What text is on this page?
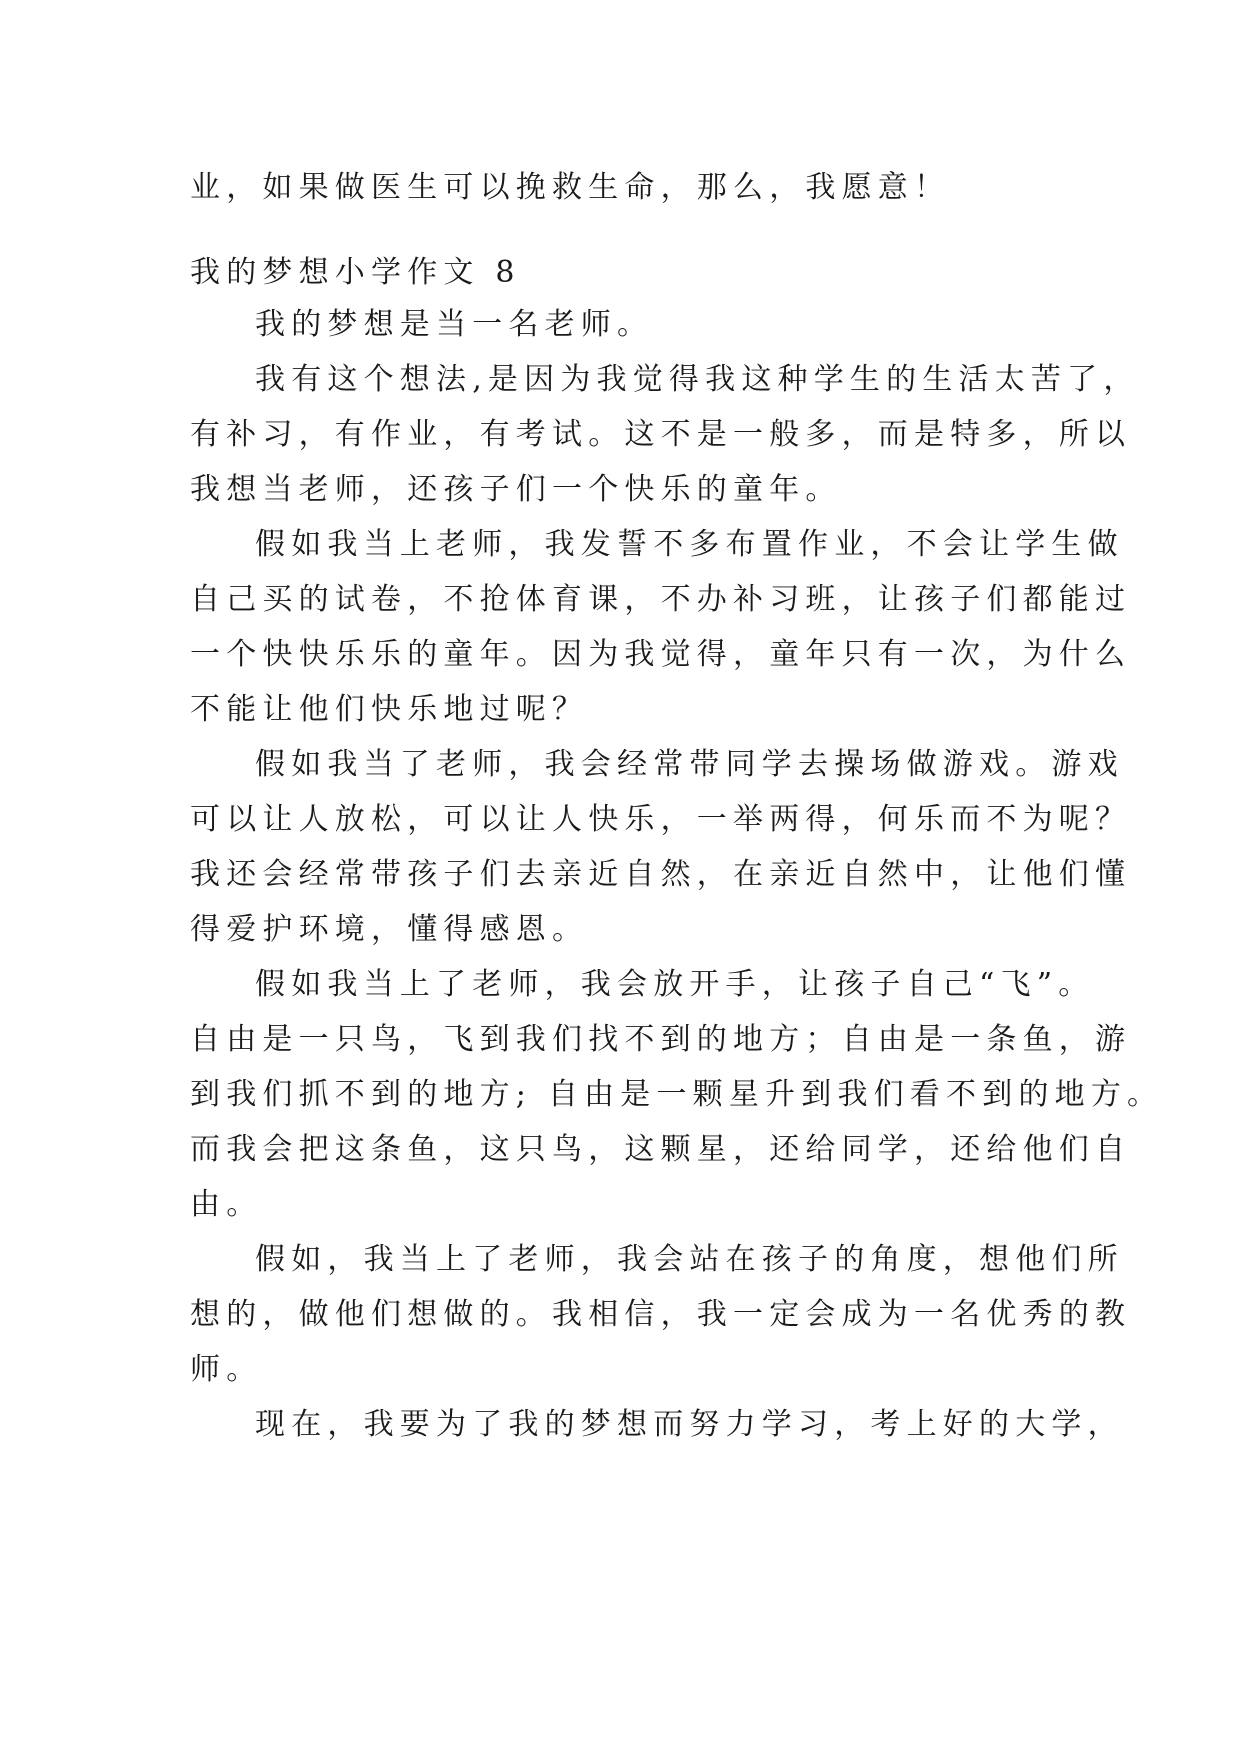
业，如果做医生可以挽救生命，那么，我愿意！
我的梦想小学作文 8
我的梦想是当一名老师。
我有这个想法,是因为我觉得我这种学生的生活太苦了，
有补习，有作业，有考试。这不是一般多，而是特多，所以
我想当老师，还孩子们一个快乐的童年。
假如我当上老师，我发誓不多布置作业，不会让学生做
自己买的试卷，不抢体育课，不办补习班，让孩子们都能过
一个快快乐乐的童年。因为我觉得，童年只有一次，为什么
不能让他们快乐地过呢？
假如我当了老师，我会经常带同学去操场做游戏。游戏
可以让人放松，可以让人快乐，一举两得，何乐而不为呢？
我还会经常带孩子们去亲近自然，在亲近自然中，让他们懂
得爱护环境，懂得感恩。
假如我当上了老师，我会放开手，让孩子自己“飞”。
自由是一只鸟，飞到我们找不到的地方；自由是一条鱼，游
到我们抓不到的地方; 自由是一颗星升到我们看不到的地方。
而我会把这条鱼，这只鸟，这颗星，还给同学，还给他们自
由。
假如，我当上了老师，我会站在孩子的角度，想他们所
想的，做他们想做的。我相信，我一定会成为一名优秀的教
师。
现在，我要为了我的梦想而努力学习，考上好的大学，
